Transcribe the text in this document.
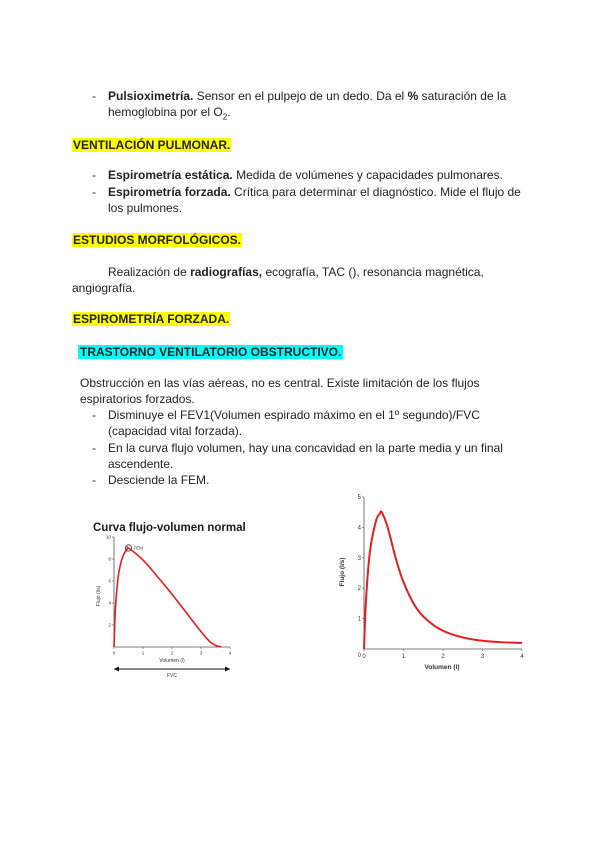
- Pulsioximetría. Sensor en el pulpejo de un dedo. Da el % saturación de la
hemoglobina por el $O_2$.
VENTILACIÓN PULMONAR.
- Espirometría estática. Medida de volúmenes y capacidades pulmonares.
- Espirometría forzada. Crítica para determinar el diagnóstico. Mide el flujo de
los pulmones.
ESTUDIOS MORFOLÓGICOS.
Realización de radiografías, ecografía, TAC (), resonancia magnética,
angiografía.
ESPIROMETRÍA FORZADA.
TRASTORNO VENTILATORIO OBSTRUCTIVO.
Obstrucción en las vías aéreas, no es central. Existe limitación de los flujos
espiratorios forzados.
- Disminuye el FEV1(Volumen espirado máximo en el 1º segundo)/FVC
(capacidad vital forzada).
- En la curva flujo volumen, hay una concavidad en la parte media y un final
ascendente.
- Desciende la FEM.
Curva flujo-volumen normal
0	1	2	3	4
2
4
6
8
10
FEM
Flujo (l/s)
Volumen (l)
FVC
0	1	2	3	4
1
2
3
4
5
0
Flujo (l/s)
Volumen (l)
